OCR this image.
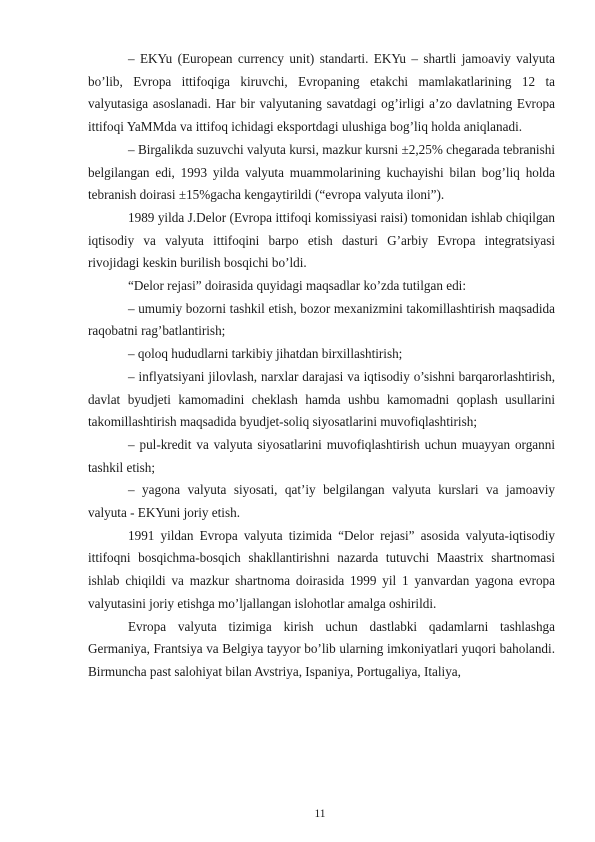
– EKYu (European currency unit) standarti. EKYu – shartli jamoaviy valyuta bo’lib, Evropa ittifoqiga kiruvchi, Evropaning etakchi mamlakatlarining 12 ta valyutasiga asoslanadi. Har bir valyutaning savatdagi og’irligi a’zo davlatning Evropa ittifoqi YaMMda va ittifoq ichidagi eksportdagi ulushiga bog’liq holda aniqlanadi.

– Birgalikda suzuvchi valyuta kursi, mazkur kursni ±2,25% chegarada tebranishi belgilangan edi, 1993 yilda valyuta muammolarining kuchayishi bilan bog’liq holda tebranish doirasi ±15%gacha kengaytirildi (“evropa valyuta iloni”).

1989 yilda J.Delor (Evropa ittifoqi komissiyasi raisi) tomonidan ishlab chiqilgan iqtisodiy va valyuta ittifoqini barpo etish dasturi G’arbiy Evropa integratsiyasi rivojidagi keskin burilish bosqichi bo’ldi.

“Delor rejasi” doirasida quyidagi maqsadlar ko’zda tutilgan edi:

– umumiy bozorni tashkil etish, bozor mexanizmini takomillashtirish maqsadida raqobatni rag’batlantirish;

– qoloq hududlarni tarkibiy jihatdan birxillashtirish;

– inflyatsiyani jilovlash, narxlar darajasi va iqtisodiy o’sishni barqarorlashtirish, davlat byudjeti kamomadini cheklash hamda ushbu kamomadni qoplash usullarini takomillashtirish maqsadida byudjet-soliq siyosatlarini muvofiqlashtirish;

– pul-kredit va valyuta siyosatlarini muvofiqlashtirish uchun muayyan organni tashkil etish;

– yagona valyuta siyosati, qat’iy belgilangan valyuta kurslari va jamoaviy valyuta - EKYuni joriy etish.

1991 yildan Evropa valyuta tizimida “Delor rejasi” asosida valyuta-iqtisodiy ittifoqni bosqichma-bosqich shakllantirishni nazarda tutuvchi Maastrix shartnomasi ishlab chiqildi va mazkur shartnoma doirasida 1999 yil 1 yanvardan yagona evropa valyutasini joriy etishga mo’ljallangan islohotlar amalga oshirildi.

Evropa valyuta tizimiga kirish uchun dastlabki qadamlarni tashlashga Germaniya, Frantsiya va Belgiya tayyor bo’lib ularning imkoniyatlari yuqori baholandi. Birmuncha past salohiyat bilan Avstriya, Ispaniya, Portugaliya, Italiya,

11
